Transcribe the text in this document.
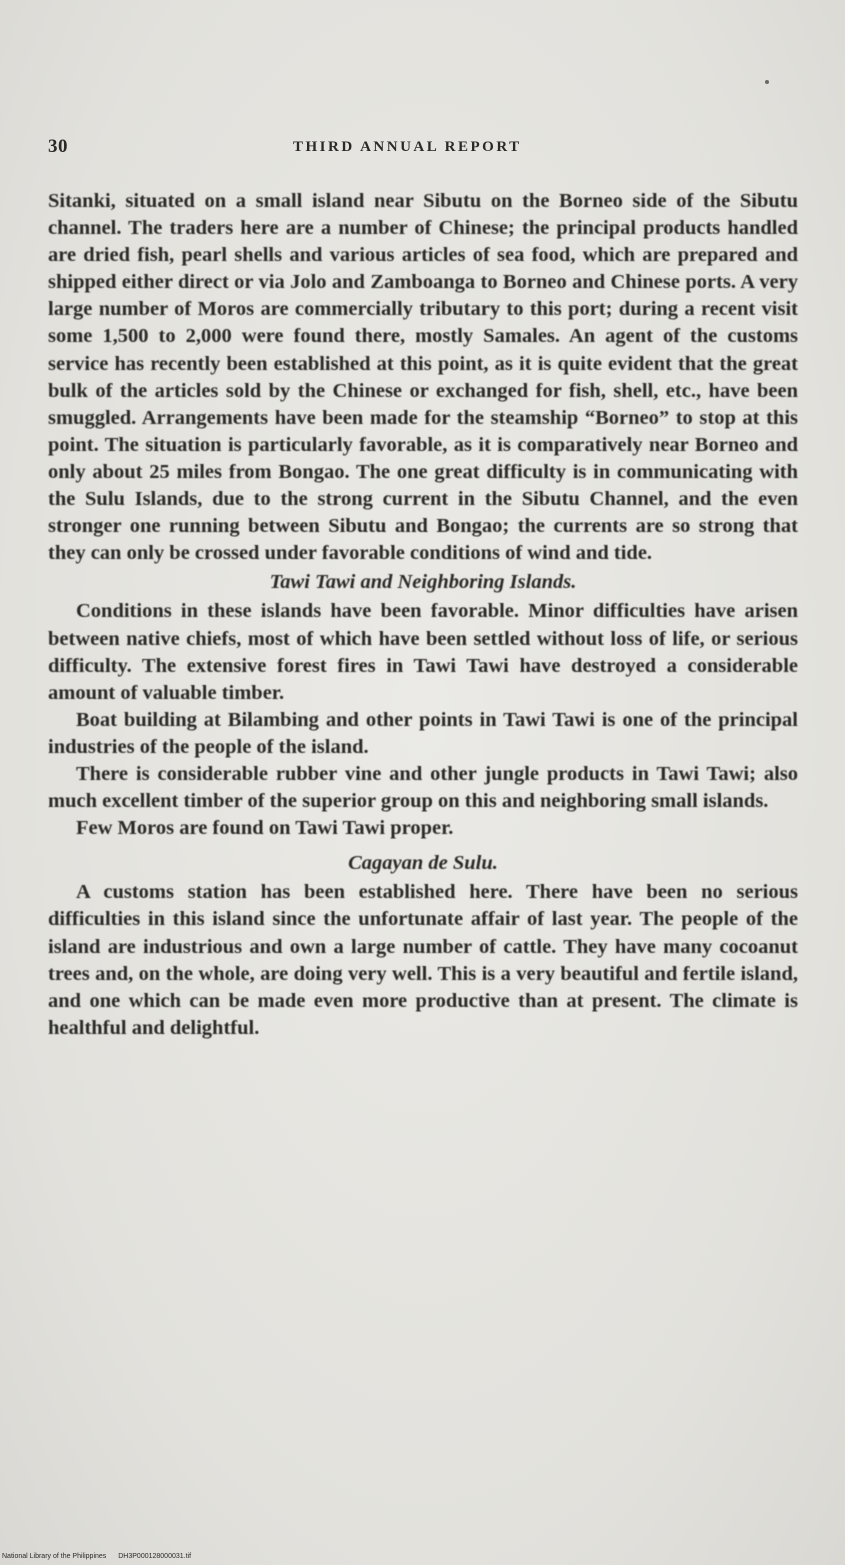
30	THIRD ANNUAL REPORT

Sitanki, situated on a small island near Sibutu on the Borneo side of the Sibutu channel. The traders here are a number of Chinese; the principal products handled are dried fish, pearl shells and various articles of sea food, which are prepared and shipped either direct or via Jolo and Zamboanga to Borneo and Chinese ports. A very large number of Moros are commercially tributary to this port; during a recent visit some 1,500 to 2,000 were found there, mostly Samales. An agent of the customs service has recently been established at this point, as it is quite evident that the great bulk of the articles sold by the Chinese or exchanged for fish, shell, etc., have been smuggled. Arrangements have been made for the steamship “Borneo” to stop at this point. The situation is particularly favorable, as it is comparatively near Borneo and only about 25 miles from Bongao. The one great difficulty is in communicating with the Sulu Islands, due to the strong current in the Sibutu Channel, and the even stronger one running between Sibutu and Bongao; the currents are so strong that they can only be crossed under favorable conditions of wind and tide.

Tawi Tawi and Neighboring Islands.

Conditions in these islands have been favorable. Minor difficulties have arisen between native chiefs, most of which have been settled without loss of life, or serious difficulty. The extensive forest fires in Tawi Tawi have destroyed a considerable amount of valuable timber.

Boat building at Bilambing and other points in Tawi Tawi is one of the principal industries of the people of the island.

There is considerable rubber vine and other jungle products in Tawi Tawi; also much excellent timber of the superior group on this and neighboring small islands.

Few Moros are found on Tawi Tawi proper.

Cagayan de Sulu.

A customs station has been established here. There have been no serious difficulties in this island since the unfortunate affair of last year. The people of the island are industrious and own a large number of cattle. They have many cocoanut trees and, on the whole, are doing very well. This is a very beautiful and fertile island, and one which can be made even more productive than at present. The climate is healthful and delightful.

National Library of the Philippines DH3P000128000031.tif
